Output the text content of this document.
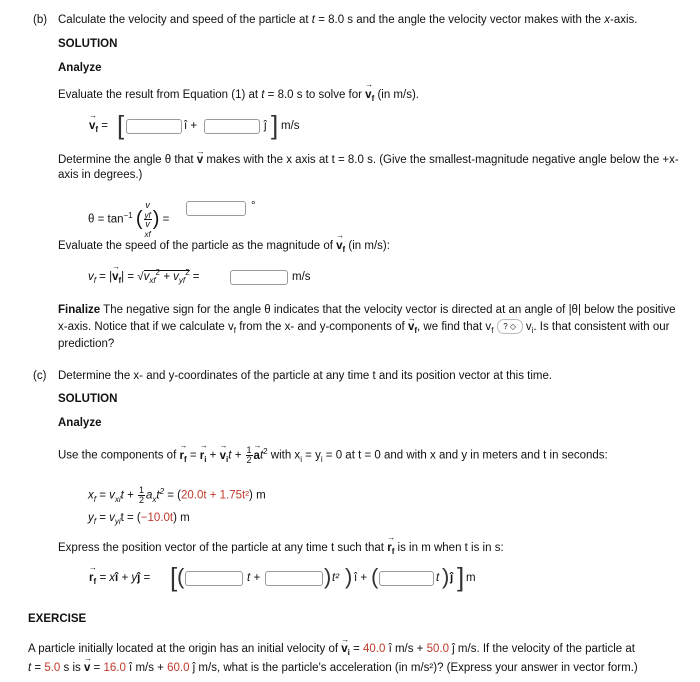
(b) Calculate the velocity and speed of the particle at t = 8.0 s and the angle the velocity vector makes with the x-axis.
SOLUTION
Analyze
Evaluate the result from Equation (1) at t = 8.0 s to solve for → $v_f$ (in m/s).
→ $v_f$ = [	î +	ĵ ] m/s
Determine the angle θ that → v makes with the x axis at t = 8.0 s. (Give the smallest-magnitude negative angle below the +x-
axis in degrees.)
$\theta = \tan^{-1}$ ( v
yf
v
xf ) =
°
Evaluate the speed of the particle as the magnitude of → $v_f$ (in m/s):
$v_f$ = |→ $v_f| = √v_{xf}^2 + v_{yf}^2$ =	m/s
Finalize The negative sign for the angle θ indicates that the velocity vector is directed at an angle of |θ| below the positive
x-axis. Notice that if we calculate $v_f$ from the x- and y-components of → $v_f$, we find that $v_f$ ? ◇ $v_i$. Is that consistent with our
prediction?
(c) Determine the x- and y-coordinates of the particle at any time t and its position vector at this time.
SOLUTION
Analyze
Use the components of → $r_f$ = → $r_i$ + → $v_it + \frac{1}{2}$
→ $at^2$ with $x_i = y_i = 0$ at t = 0 and with x and y in meters and t in seconds:
$x_f = v_{xi}t + \frac{1}{2} a_xt^2 = (20.0t + 1.75t^2)$ m
$y_f = v_{yi}t = (-10.0t)$ m
Express the position vector of the particle at any time t such that → $r_f$ is in m when t is in s:
→ $r_f$ = xî + yĵ = [ (	t +	) t² ) î + (	t ) ĵ ] m
EXERCISE
A particle initially located at the origin has an initial velocity of → $v_i = 40.0$ î m/s + 50.0 ĵ m/s. If the velocity of the particle at
t = 5.0 s is → v = 16.0 î m/s + 60.0 ĵ m/s, what is the particle's acceleration (in m/s²)? (Express your answer in vector form.)
